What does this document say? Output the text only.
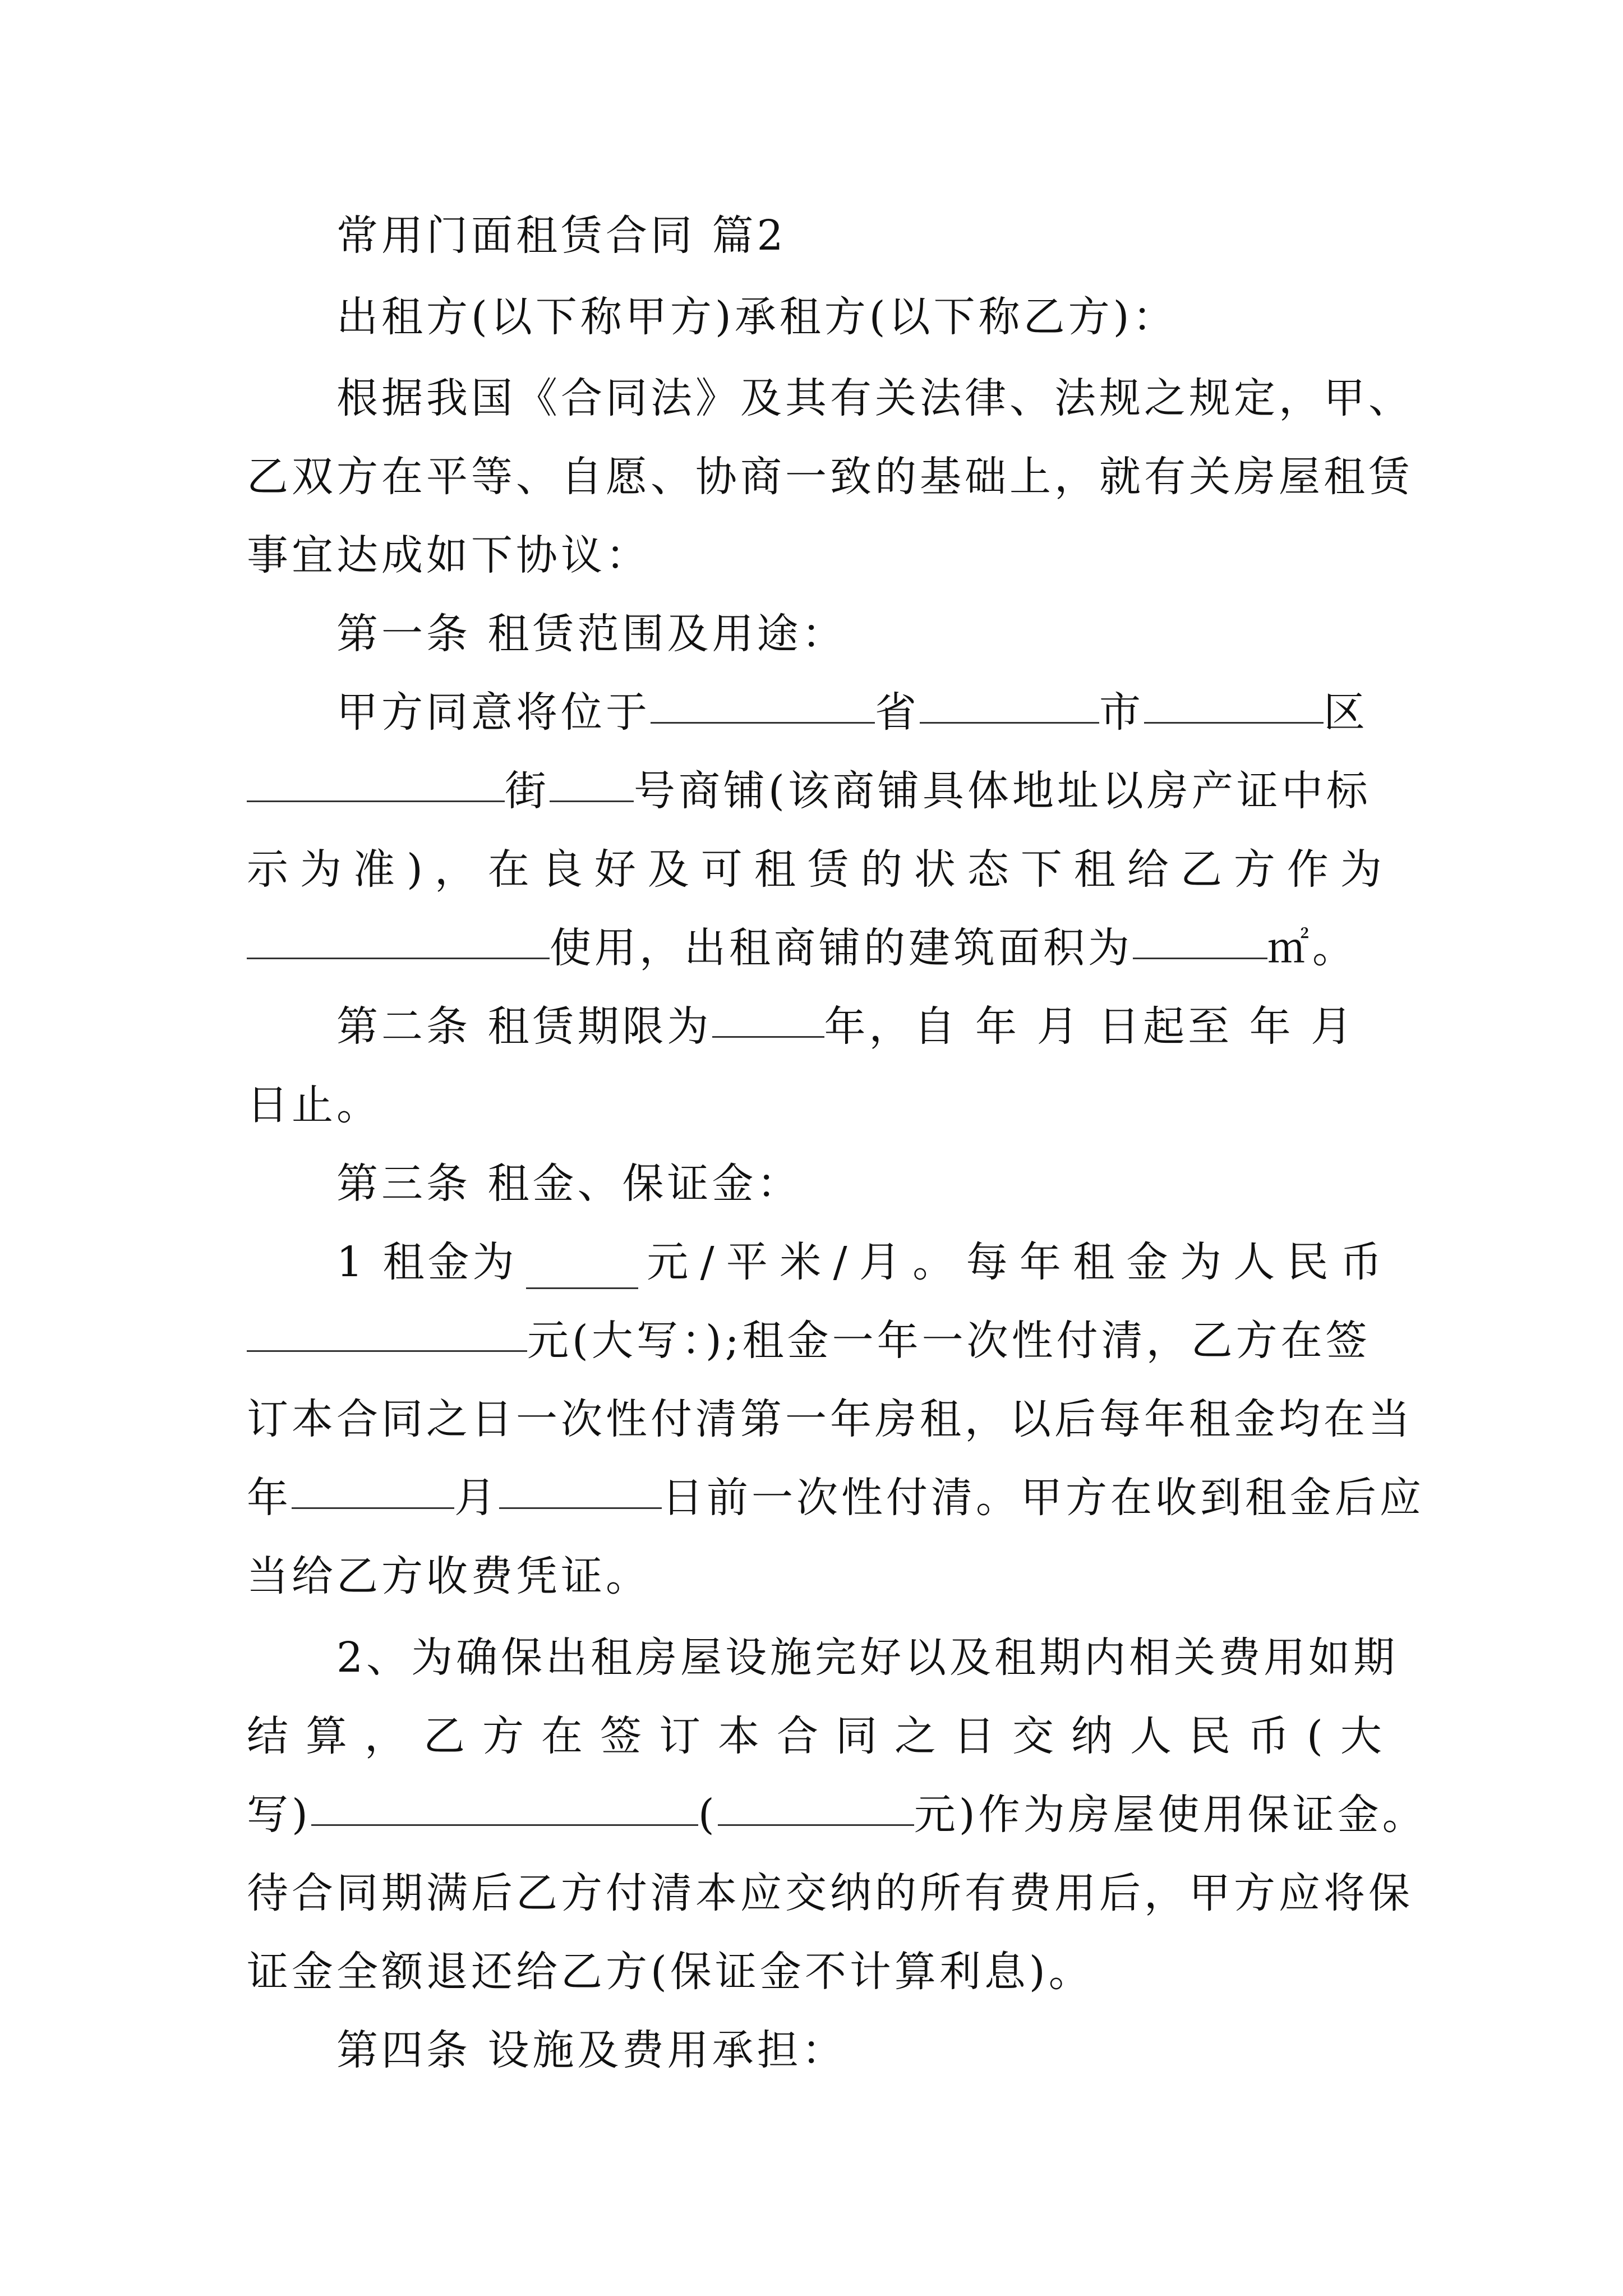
常用门面租赁合同 篇2
出租方(以下称甲方)承租方(以下称乙方)：
根据我国《合同法》及其有关法律、法规之规定，甲、
乙双方在平等、自愿、协商一致的基础上，就有关房屋租赁
事宜达成如下协议：
第一条 租赁范围及用途：
甲方同意将位于	省	市	区
街 号商铺(该商铺具体地址以房产证中标
示 为 准 ) ， 在 良 好 及 可 租 赁 的 状 态 下 租 给 乙 方 作 为
使用，出租商铺的建筑面积为	㎡。
第二条 租赁期限为	年，自 年 月 日起至 年 月
日止。
第三条 租金、保证金：
1 租金为	元 / 平 米 / 月 。 每 年 租 金 为 人 民 币
元(大写：);租金一年一次性付清，乙方在签
订本合同之日一次性付清第一年房租，以后每年租金均在当
年	月	日前一次性付清。甲方在收到租金后应
当给乙方收费凭证。
2、为确保出租房屋设施完好以及租期内相关费用如期
结 算 ， 乙 方 在 签 订 本 合 同 之 日 交 纳 人 民 币 ( 大
写)	(	元)作为房屋使用保证金。
待合同期满后乙方付清本应交纳的所有费用后，甲方应将保
证金全额退还给乙方(保证金不计算利息)。
第四条 设施及费用承担：
